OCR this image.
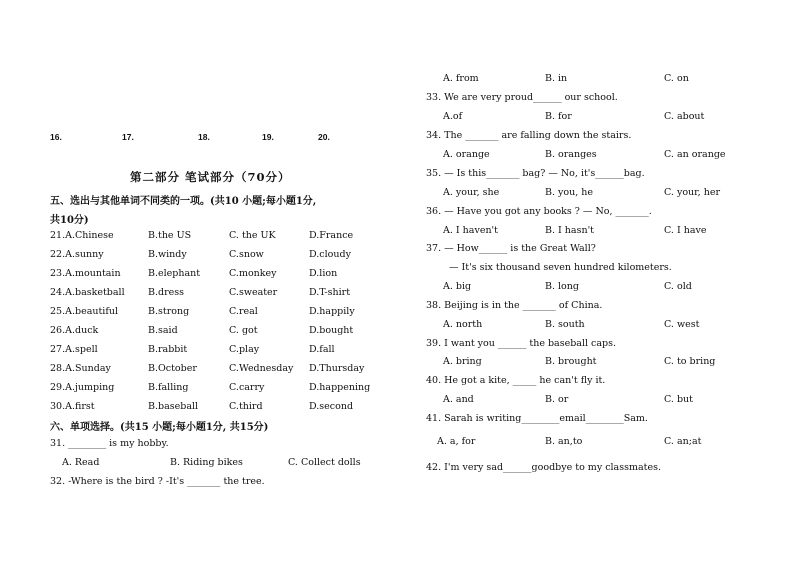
16.	17.	18.	19.	20.
第二部分 笔试部分（70分）
五、选出与其他单词不同类的一项。(共10 小题;每小题1分,
共10分)
21.A.Chinese	B.the US	C. the UK	D.France
22.A.sunny	B.windy	C.snow	D.cloudy
23.A.mountain	B.elephant	C.monkey	D.lion
24.A.basketball B.dress	C.sweater	D.T-shirt
25.A.beautiful	B.strong	C.real	D.happily
26.A.duck	B.said	C. got	D.bought
27.A.spell	B.rabbit	C.play	D.fall
28.A.Sunday	B.October	C.Wednesday D.Thursday
29.A.jumping	B.falling	C.carry	D.happening
30.A.first	B.baseball	C.third	D.second
六、单项选择。(共15 小题;每小题1分, 共15分)
31. ________ is my hobby.
A. Read	B. Riding bikes	C. Collect dolls
32. -Where is the bird ? -It's _______ the tree.
A. from	B. in	C. on
33. We are very proud______ our school.
A.of	B. for	C. about
34. The _______ are falling down the stairs.
A. orange	B. oranges	C. an orange
35. — Is this_______ bag? — No, it's______bag.
A. your, she	B. you, he	C. your, her
36. — Have you got any books ? — No, _______.
A. I haven't	B. I hasn't	C. I have
37. — How______ is the Great Wall?
— It's six thousand seven hundred kilometers.
A. big	B. long	C. old
38. Beijing is in the _______ of China.
A. north	B. south	C. west
39. I want you ______ the baseball caps.
A. bring	B. brought	C. to bring
40. He got a kite, _____ he can't fly it.
A. and	B. or	C. but
41. Sarah is writing________email________Sam.
A. a, for	B. an,to	C. an;at
42. I'm very sad______goodbye to my classmates.
